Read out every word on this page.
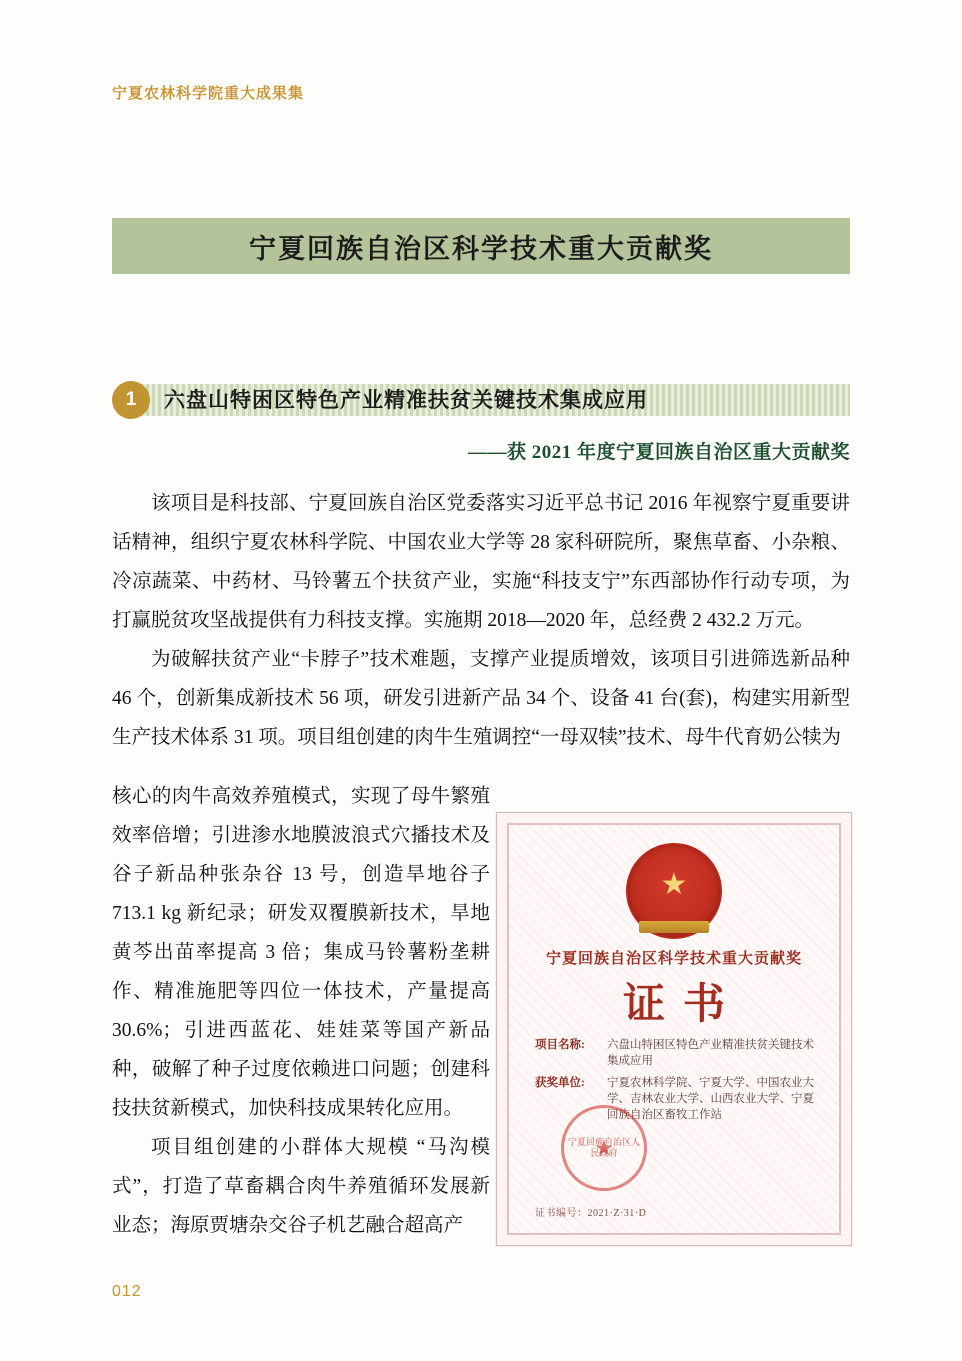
宁夏农林科学院重大成果集
宁夏回族自治区科学技术重大贡献奖
1	六盘山特困区特色产业精准扶贫关键技术集成应用
——获 2021 年度宁夏回族自治区重大贡献奖

该项目是科技部、宁夏回族自治区党委落实习近平总书记 2016 年视察宁夏重要讲话精神，组织宁夏农林科学院、中国农业大学等 28 家科研院所，聚焦草畜、小杂粮、冷凉蔬菜、中药材、马铃薯五个扶贫产业，实施“科技支宁”东西部协作行动专项，为打赢脱贫攻坚战提供有力科技支撑。实施期 2018—2020 年，总经费 2 432.2 万元。

为破解扶贫产业“卡脖子”技术难题，支撑产业提质增效，该项目引进筛选新品种 46 个，创新集成新技术 56 项，研发引进新产品 34 个、设备 41 台(套)，构建实用新型生产技术体系 31 项。项目组创建的肉牛生殖调控“一母双犊”技术、母牛代育奶公犊为

核心的肉牛高效养殖模式，实现了母牛繁殖效率倍增；引进渗水地膜波浪式穴播技术及谷子新品种张杂谷 13 号，创造旱地谷子 713.1 kg 新纪录；研发双覆膜新技术，旱地黄芩出苗率提高 3 倍；集成马铃薯粉垄耕作、精准施肥等四位一体技术，产量提高 30.6%；引进西蓝花、娃娃菜等国产新品种，破解了种子过度依赖进口问题；创建科技扶贫新模式，加快科技成果转化应用。

项目组创建的小群体大规模 “马沟模式”，打造了草畜耦合肉牛养殖循环发展新业态；海原贾塘杂交谷子机艺融合超高产

★
宁夏回族自治区科学技术重大贡献奖
证书
项目名称:	六盘山特困区特色产业精准扶贫关键技术集成应用
获奖单位:	宁夏农林科学院、宁夏大学、中国农业大学、吉林农业大学、山西农业大学、宁夏回族自治区畜牧工作站
宁夏回族自治区人民政府 ★
证书编号：2021·Z·31·D
012
